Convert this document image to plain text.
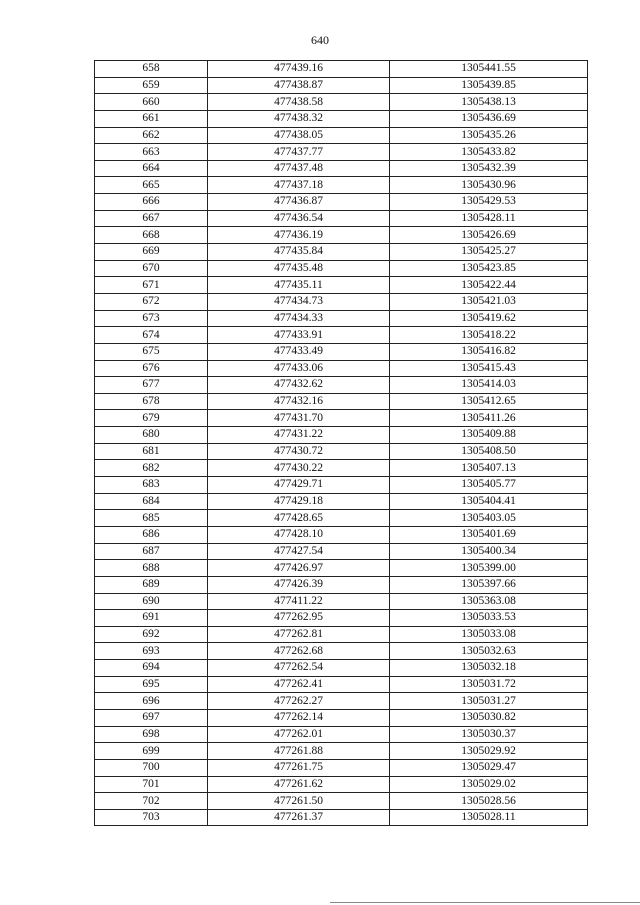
640
658	477439.16	1305441.55
659	477438.87	1305439.85
660	477438.58	1305438.13
661	477438.32	1305436.69
662	477438.05	1305435.26
663	477437.77	1305433.82
664	477437.48	1305432.39
665	477437.18	1305430.96
666	477436.87	1305429.53
667	477436.54	1305428.11
668	477436.19	1305426.69
669	477435.84	1305425.27
670	477435.48	1305423.85
671	477435.11	1305422.44
672	477434.73	1305421.03
673	477434.33	1305419.62
674	477433.91	1305418.22
675	477433.49	1305416.82
676	477433.06	1305415.43
677	477432.62	1305414.03
678	477432.16	1305412.65
679	477431.70	1305411.26
680	477431.22	1305409.88
681	477430.72	1305408.50
682	477430.22	1305407.13
683	477429.71	1305405.77
684	477429.18	1305404.41
685	477428.65	1305403.05
686	477428.10	1305401.69
687	477427.54	1305400.34
688	477426.97	1305399.00
689	477426.39	1305397.66
690	477411.22	1305363.08
691	477262.95	1305033.53
692	477262.81	1305033.08
693	477262.68	1305032.63
694	477262.54	1305032.18
695	477262.41	1305031.72
696	477262.27	1305031.27
697	477262.14	1305030.82
698	477262.01	1305030.37
699	477261.88	1305029.92
700	477261.75	1305029.47
701	477261.62	1305029.02
702	477261.50	1305028.56
703	477261.37	1305028.11
